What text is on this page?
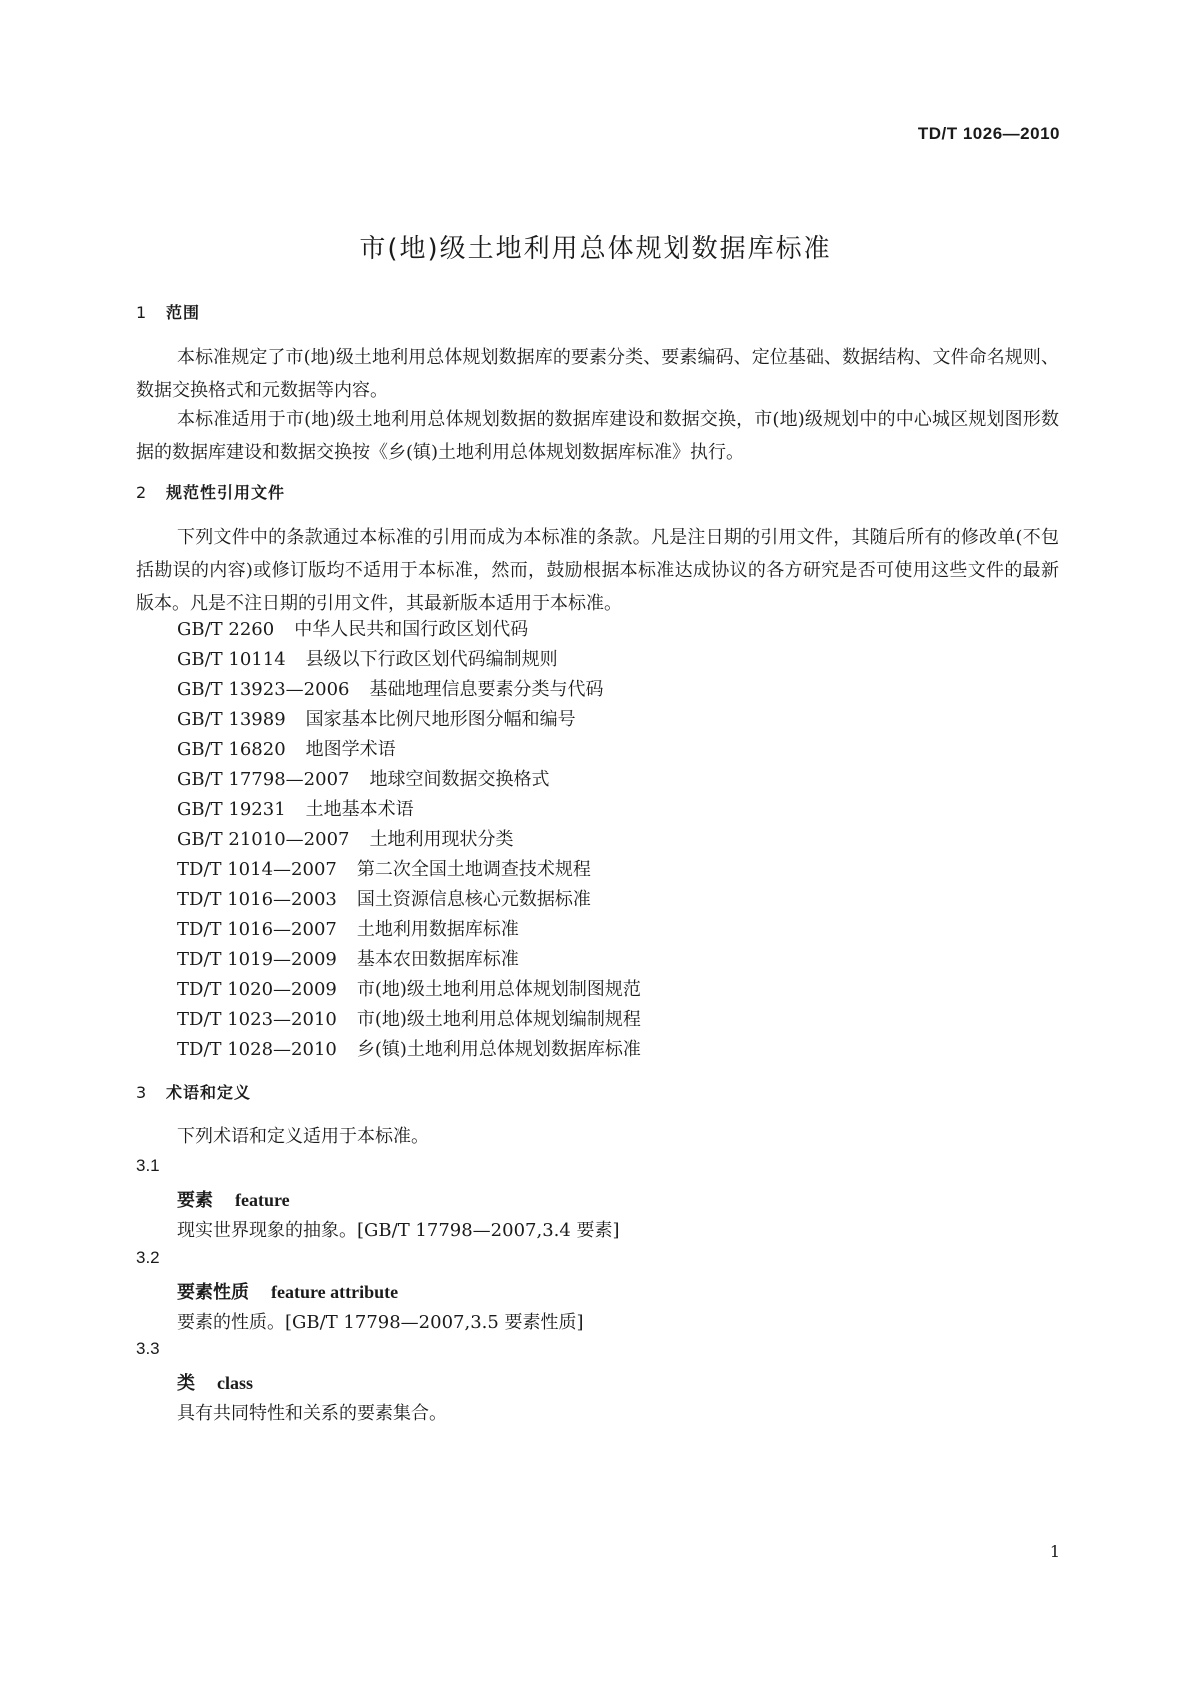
TD/T 1026—2010
市(地)级土地利用总体规划数据库标准
1 范围
本标准规定了市(地)级土地利用总体规划数据库的要素分类、要素编码、定位基础、数据结构、文件命名规则、数据交换格式和元数据等内容。
本标准适用于市(地)级土地利用总体规划数据的数据库建设和数据交换，市(地)级规划中的中心城区规划图形数据的数据库建设和数据交换按《乡(镇)土地利用总体规划数据库标准》执行。
2 规范性引用文件
下列文件中的条款通过本标准的引用而成为本标准的条款。凡是注日期的引用文件，其随后所有的修改单(不包括勘误的内容)或修订版均不适用于本标准，然而，鼓励根据本标准达成协议的各方研究是否可使用这些文件的最新版本。凡是不注日期的引用文件，其最新版本适用于本标准。
GB/T 2260 中华人民共和国行政区划代码
GB/T 10114 县级以下行政区划代码编制规则
GB/T 13923—2006 基础地理信息要素分类与代码
GB/T 13989 国家基本比例尺地形图分幅和编号
GB/T 16820 地图学术语
GB/T 17798—2007 地球空间数据交换格式
GB/T 19231 土地基本术语
GB/T 21010—2007 土地利用现状分类
TD/T 1014—2007 第二次全国土地调查技术规程
TD/T 1016—2003 国土资源信息核心元数据标准
TD/T 1016—2007 土地利用数据库标准
TD/T 1019—2009 基本农田数据库标准
TD/T 1020—2009 市(地)级土地利用总体规划制图规范
TD/T 1023—2010 市(地)级土地利用总体规划编制规程
TD/T 1028—2010 乡(镇)土地利用总体规划数据库标准
3 术语和定义
下列术语和定义适用于本标准。
3.1
要素 feature
现实世界现象的抽象。[GB/T 17798—2007,3.4 要素]
3.2
要素性质 feature attribute
要素的性质。[GB/T 17798—2007,3.5 要素性质]
3.3
类 class
具有共同特性和关系的要素集合。
1
